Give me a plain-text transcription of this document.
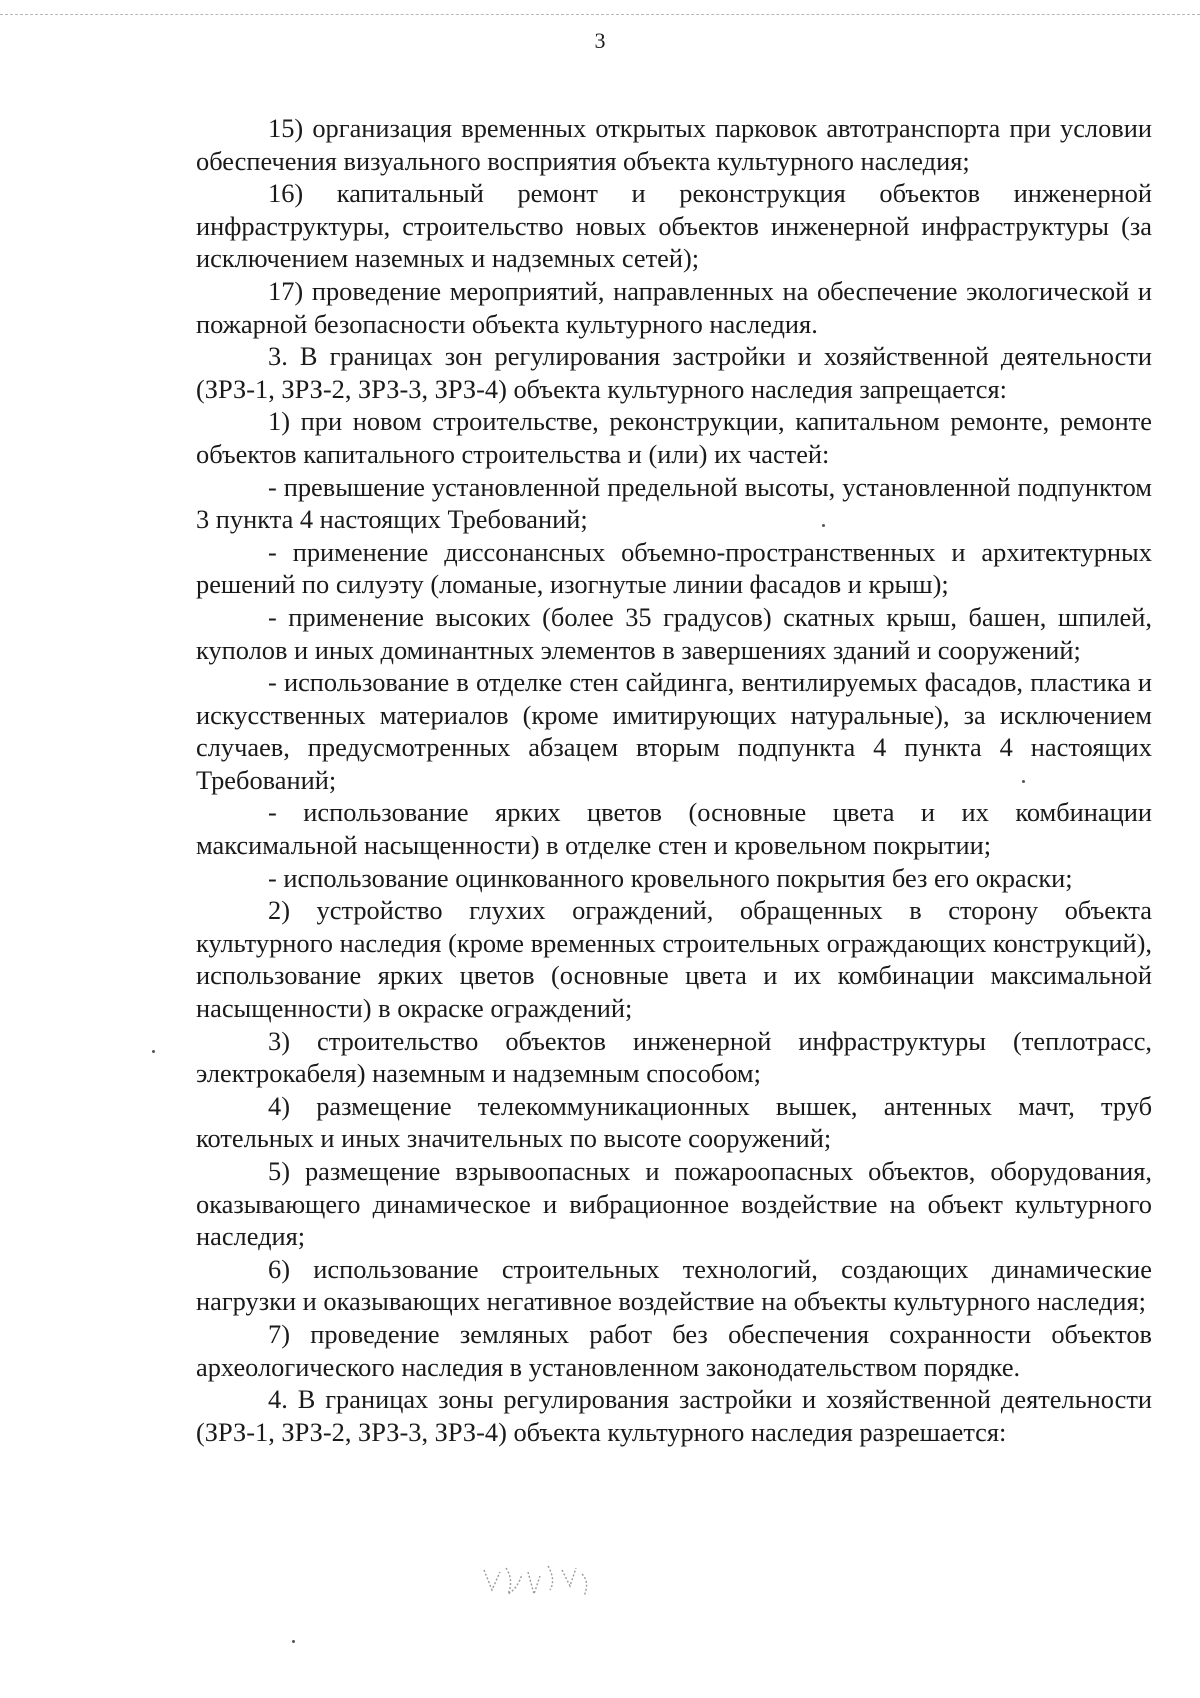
3

15) организация временных открытых парковок автотранспорта при условии обеспечения визуального восприятия объекта культурного наследия;

16) капитальный ремонт и реконструкция объектов инженерной инфраструктуры, строительство новых объектов инженерной инфраструктуры (за исключением наземных и надземных сетей);

17) проведение мероприятий, направленных на обеспечение экологической и пожарной безопасности объекта культурного наследия.

3. В границах зон регулирования застройки и хозяйственной деятельности (ЗРЗ-1, ЗРЗ-2, ЗРЗ-3, ЗРЗ-4) объекта культурного наследия запрещается:

1) при новом строительстве, реконструкции, капитальном ремонте, ремонте объектов капитального строительства и (или) их частей:

- превышение установленной предельной высоты, установленной подпунктом 3 пункта 4 настоящих Требований;

- применение диссонансных объемно-пространственных и архитектурных решений по силуэту (ломаные, изогнутые линии фасадов и крыш);

- применение высоких (более 35 градусов) скатных крыш, башен, шпилей, куполов и иных доминантных элементов в завершениях зданий и сооружений;

- использование в отделке стен сайдинга, вентилируемых фасадов, пластика и искусственных материалов (кроме имитирующих натуральные), за исключением случаев, предусмотренных абзацем вторым подпункта 4 пункта 4 настоящих Требований;

- использование ярких цветов (основные цвета и их комбинации максимальной насыщенности) в отделке стен и кровельном покрытии;

- использование оцинкованного кровельного покрытия без его окраски;

2) устройство глухих ограждений, обращенных в сторону объекта культурного наследия (кроме временных строительных ограждающих конструкций), использование ярких цветов (основные цвета и их комбинации максимальной насыщенности) в окраске ограждений;

3) строительство объектов инженерной инфраструктуры (теплотрасс, электрокабеля) наземным и надземным способом;

4) размещение телекоммуникационных вышек, антенных мачт, труб котельных и иных значительных по высоте сооружений;

5) размещение взрывоопасных и пожароопасных объектов, оборудования, оказывающего динамическое и вибрационное воздействие на объект культурного наследия;

6) использование строительных технологий, создающих динамические нагрузки и оказывающих негативное воздействие на объекты культурного наследия;

7) проведение земляных работ без обеспечения сохранности объектов археологического наследия в установленном законодательством порядке.

4. В границах зоны регулирования застройки и хозяйственной деятельности (ЗРЗ-1, ЗРЗ-2, ЗРЗ-3, ЗРЗ-4) объекта культурного наследия разрешается:
